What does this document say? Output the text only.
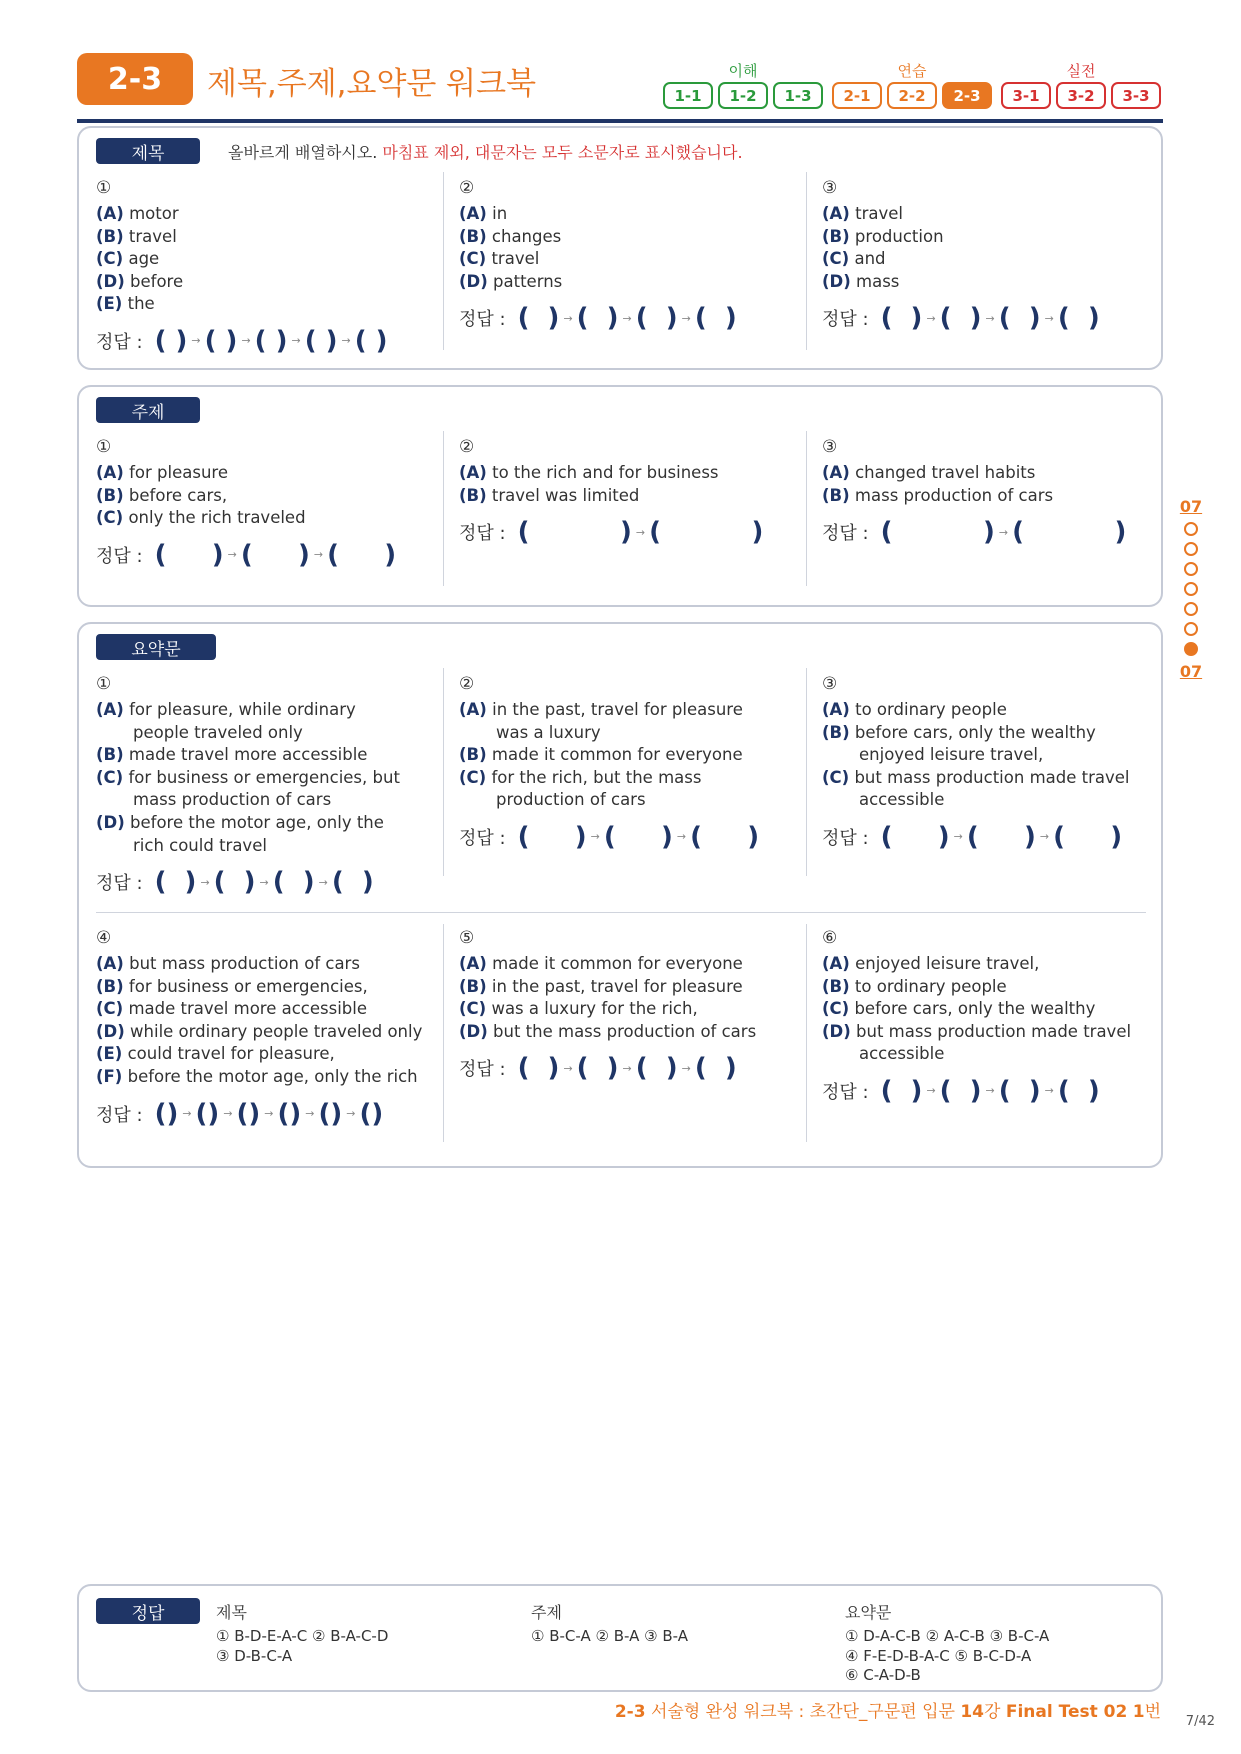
2-3	제목,주제,요약문 워크북	이해
1-1	1-2	1-3
연습
2-1	2-2	2-3
실전
3-1	3-2	3-3
제목	올바르게 배열하시오. 마침표 제외, 대문자는 모두 소문자로 표시했습니다.
①
(A) motor
(B) travel
(C) age
(D) before
(E) the
정답 : ( ) → ( ) → ( ) → ( ) → ( )
②
(A) in
(B) changes
(C) travel
(D) patterns
정답 : (  ) → (  ) → (  ) → (  )
③
(A) travel
(B) production
(C) and
(D) mass
정답 : (  ) → (  ) → (  ) → (  )
주제
①
(A) for pleasure
(B) before cars,
(C) only the rich traveled
정답 : (     ) → (     ) → (     )
②
(A) to the rich and for business
(B) travel was limited
정답 : (          ) → (          )
③
(A) changed travel habits
(B) mass production of cars
정답 : (          ) → (          )
요약문
①
(A) for pleasure, while ordinary
people traveled only
(B) made travel more accessible
(C) for business or emergencies, but
mass production of cars
(D) before the motor age, only the
rich could travel
정답 : (  ) → (  ) → (  ) → (  )
②
(A) in the past, travel for pleasure
was a luxury
(B) made it common for everyone
(C) for the rich, but the mass
production of cars
정답 : (     ) → (     ) → (     )
③
(A) to ordinary people
(B) before cars, only the wealthy
enjoyed leisure travel,
(C) but mass production made travel
accessible
정답 : (     ) → (     ) → (     )
④
(A) but mass production of cars
(B) for business or emergencies,
(C) made travel more accessible
(D) while ordinary people traveled only
(E) could travel for pleasure,
(F) before the motor age, only the rich
정답 : () → () → () → () → () → ()
⑤
(A) made it common for everyone
(B) in the past, travel for pleasure
(C) was a luxury for the rich,
(D) but the mass production of cars
정답 : (  ) → (  ) → (  ) → (  )
⑥
(A) enjoyed leisure travel,
(B) to ordinary people
(C) before cars, only the wealthy
(D) but mass production made travel
accessible
정답 : (  ) → (  ) → (  ) → (  )
07
07
정답	제목
① B-D-E-A-C ② B-A-C-D
③ D-B-C-A
주제
① B-C-A ② B-A ③ B-A
요약문
① D-A-C-B ② A-C-B ③ B-C-A
④ F-E-D-B-A-C ⑤ B-C-D-A
⑥ C-A-D-B
2-3 서술형 완성 워크북 : 초간단_구문편 입문 14강 Final Test 02 1번 7/42
